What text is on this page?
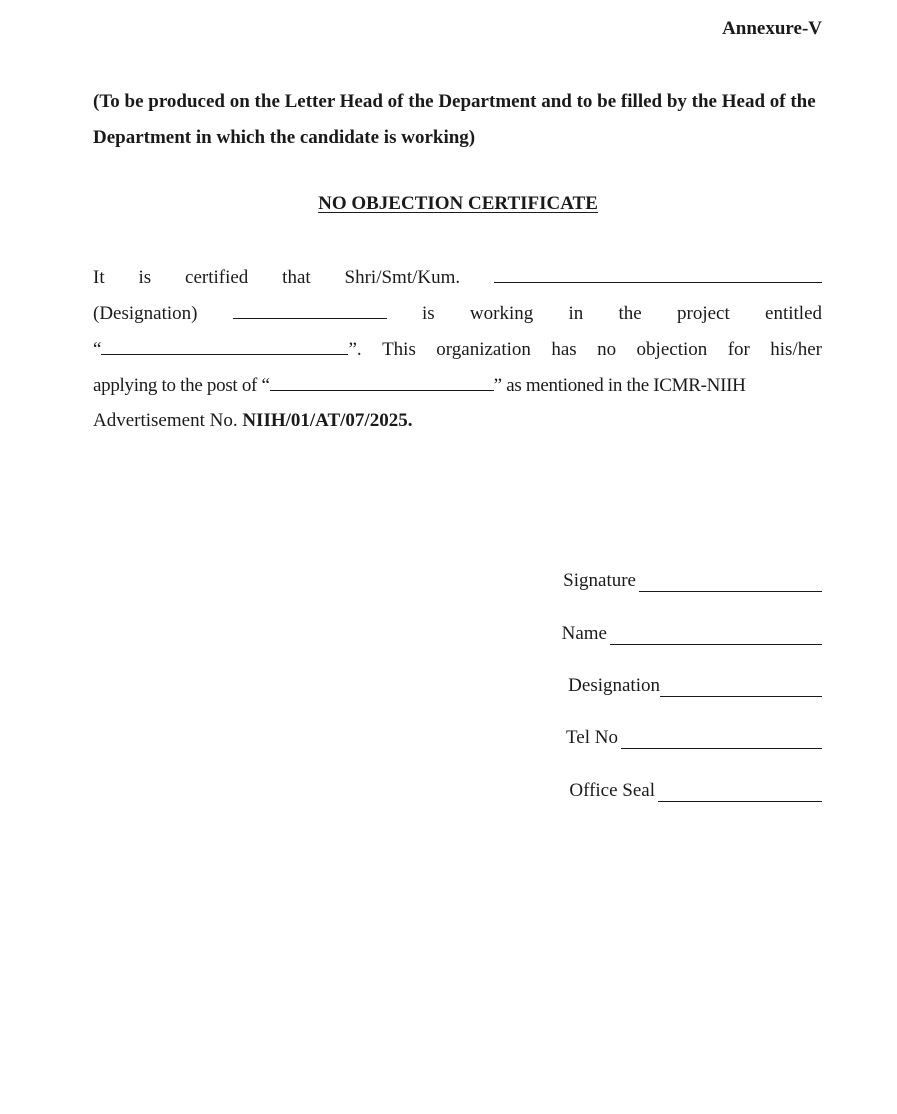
Annexure-V
(To be produced on the Letter Head of the Department and to be filled by the Head of the Department in which the candidate is working)
NO OBJECTION CERTIFICATE
It is certified that Shri/Smt/Kum.
(Designation)	is working in the project entitled
“	”. This organization has no objection for his/her
applying to the post of “	” as mentioned in the ICMR-NIIH
Advertisement No. NIIH/01/AT/07/2025.
Signature
Name
Designation
Tel No
Office Seal
